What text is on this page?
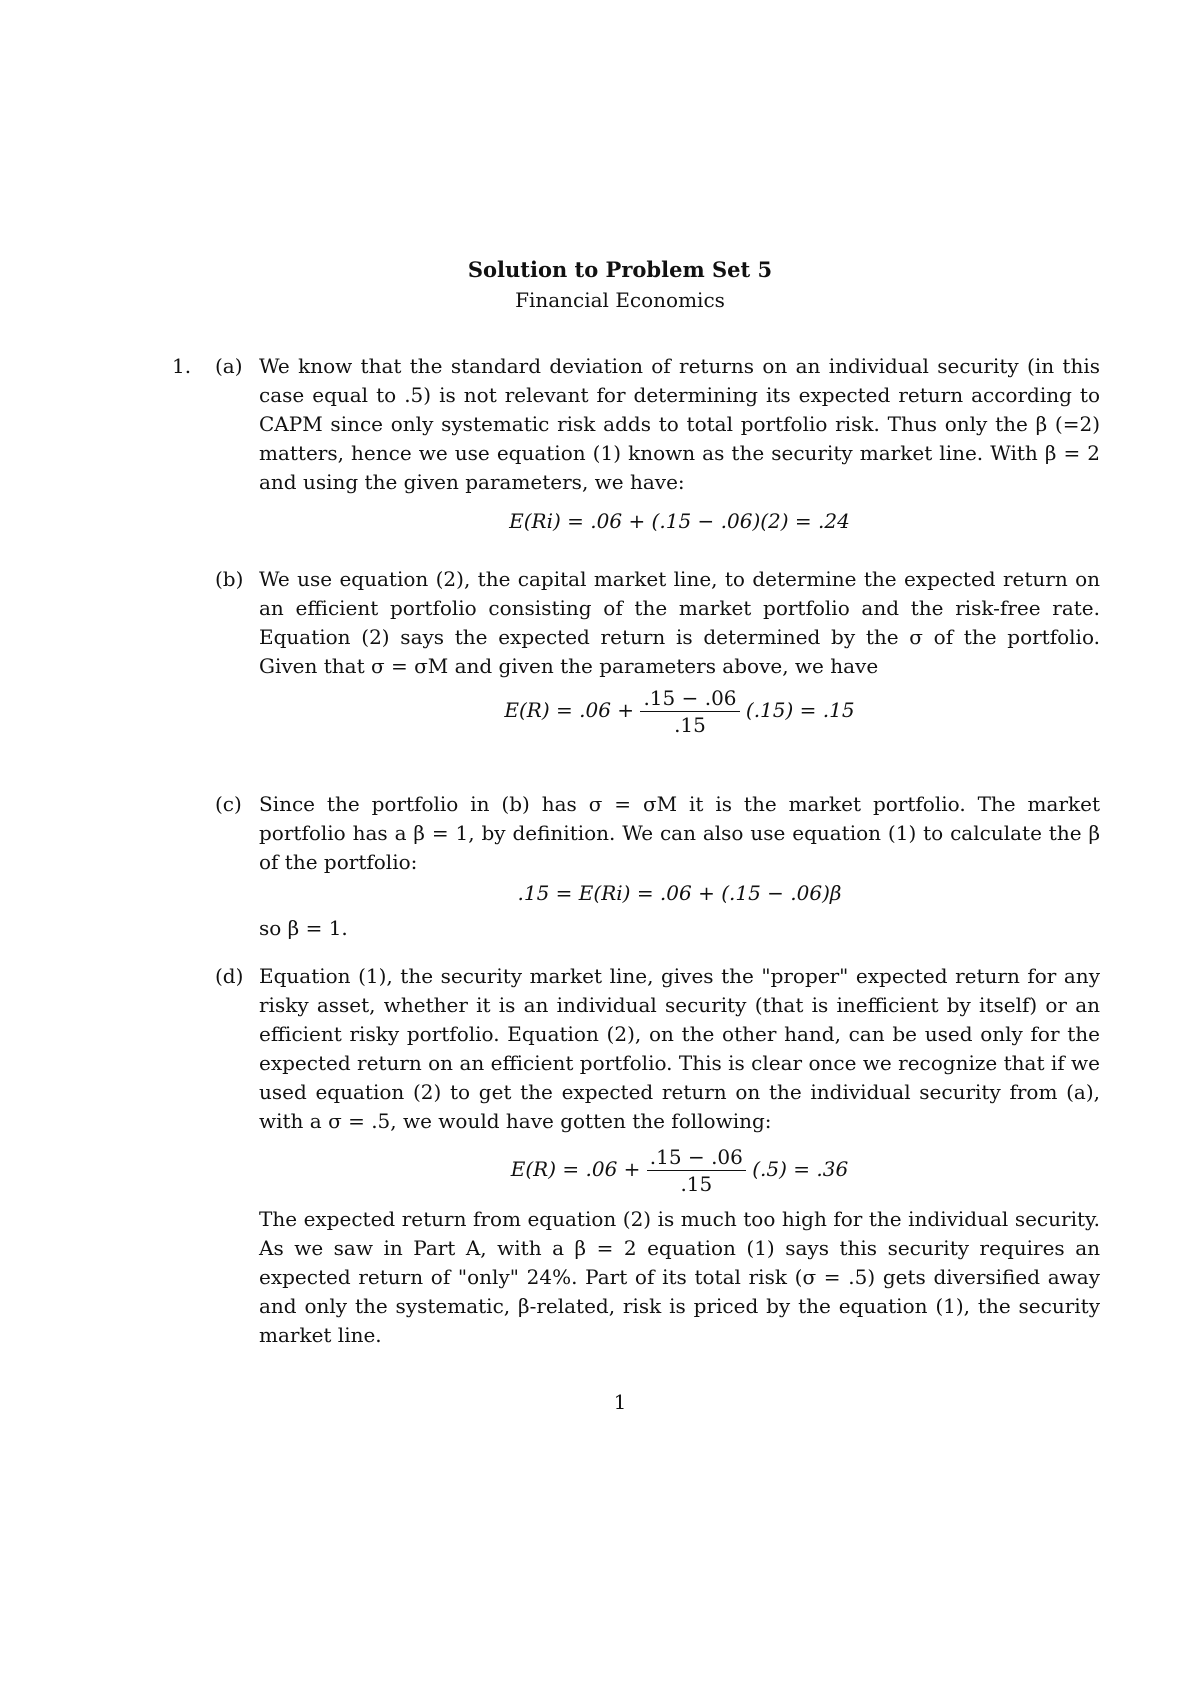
Solution to Problem Set 5
Financial Economics
1. (a) We know that the standard deviation of returns on an individual security (in this case equal to .5) is not relevant for determining its expected return according to CAPM since only systematic risk adds to total portfolio risk. Thus only the β (=2) matters, hence we use equation (1) known as the security market line. With β = 2 and using the given parameters, we have:

E(Ri) = .06 + (.15 − .06)(2) = .24
(b) We use equation (2), the capital market line, to determine the expected return on an efficient portfolio consisting of the market portfolio and the risk-free rate. Equation (2) says the expected return is determined by the σ of the portfolio. Given that σ = σM and given the parameters above, we have

$E(R) = .06 + \frac{.15 - .06}{.15} (.15) = .15$
(c) Since the portfolio in (b) has σ = σM it is the market portfolio. The market portfolio has a β = 1, by definition. We can also use equation (1) to calculate the β of the portfolio:

.15 = E(Ri) = .06 + (.15 − .06)β

so β = 1.

(d) Equation (1), the security market line, gives the "proper" expected return for any risky asset, whether it is an individual security (that is inefficient by itself) or an efficient risky portfolio. Equation (2), on the other hand, can be used only for the expected return on an efficient portfolio. This is clear once we recognize that if we used equation (2) to get the expected return on the individual security from (a), with a σ = .5, we would have gotten the following:

$E(R) = .06 + \frac{.15 - .06}{.15} (.5) = .36$

The expected return from equation (2) is much too high for the individual security. As we saw in Part A, with a β = 2 equation (1) says this security requires an expected return of "only" 24%. Part of its total risk (σ = .5) gets diversified away and only the systematic, β-related, risk is priced by the equation (1), the security market line.

1
